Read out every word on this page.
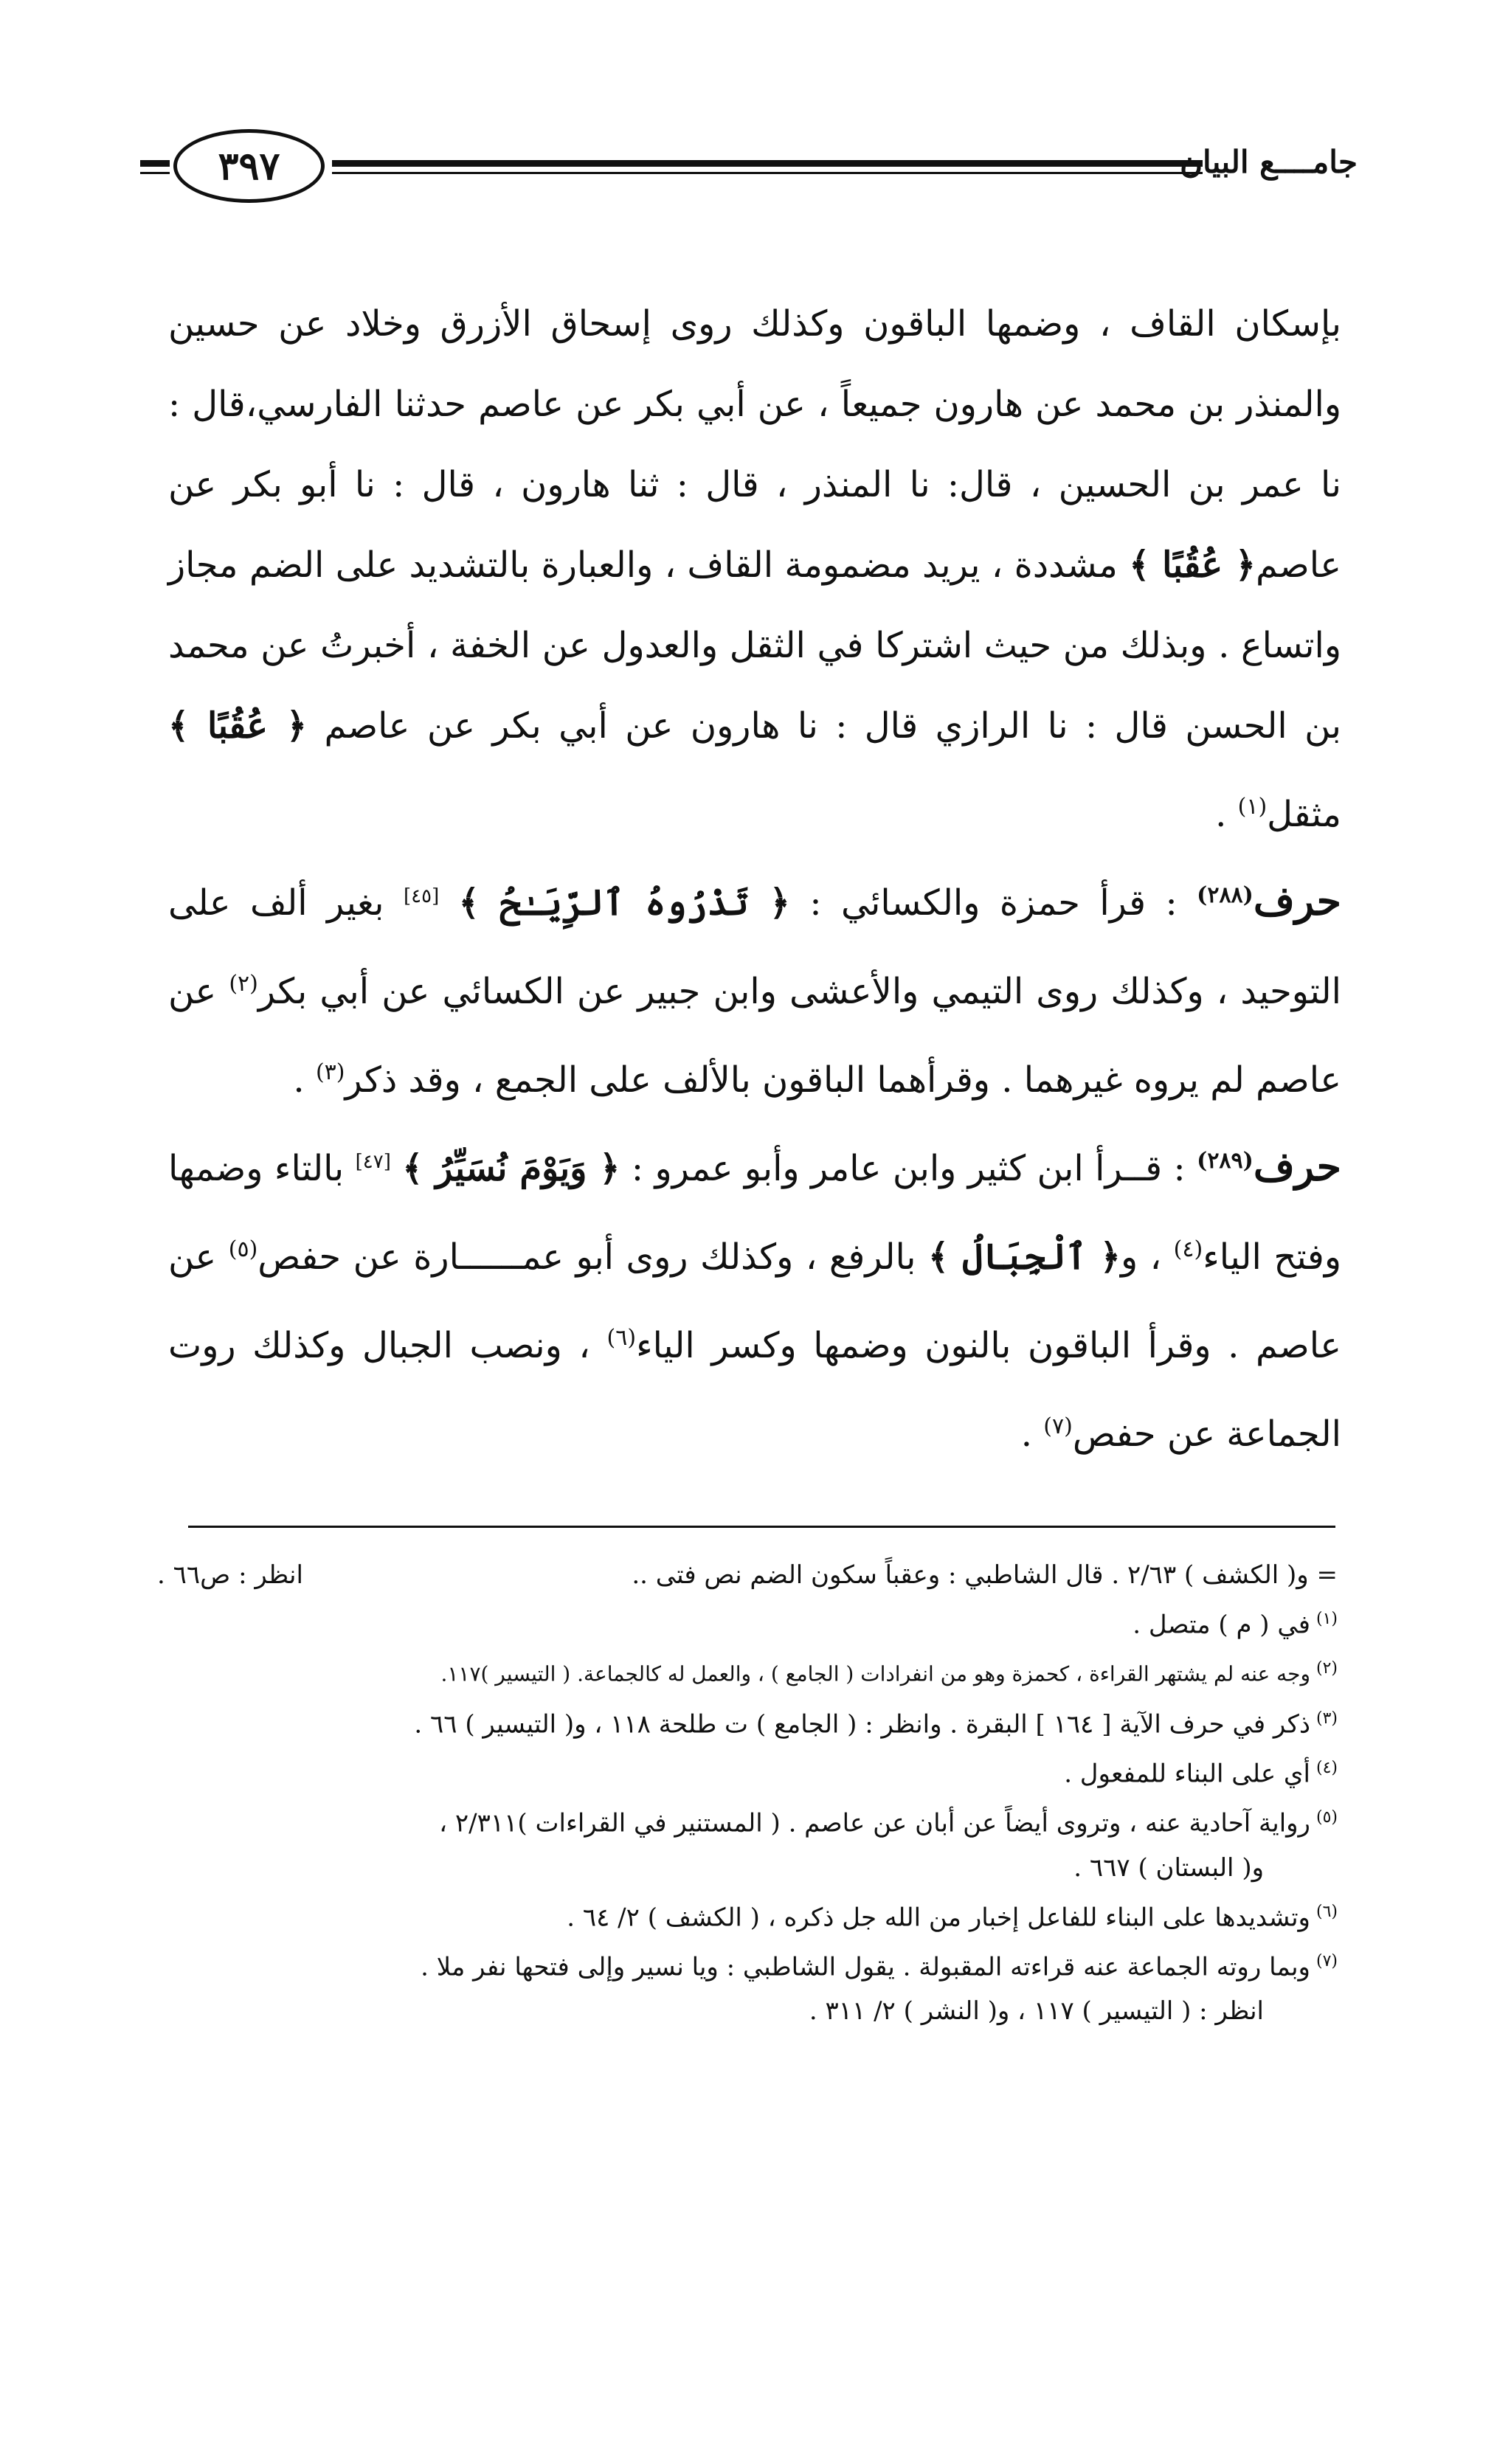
٣٩٧	جامــــع البيان

بإسكان القاف ، وضمها الباقون وكذلك روى إسحاق الأزرق وخلاد عن حسين والمنذر بن محمد عن هارون جميعاً ، عن أبي بكر عن عاصم حدثنا الفارسي،قال : نا عمر بن الحسين ، قال: نا المنذر ، قال : ثنا هارون ، قال : نا أبو بكر عن عاصم﴿ عُقُبًا ﴾ مشددة ، يريد مضمومة القاف ، والعبارة بالتشديد على الضم مجاز واتساع . وبذلك من حيث اشتركا في الثقل والعدول عن الخفة ، أخبرتُ عن محمد بن الحسن قال : نا الرازي قال : نا هارون عن أبي بكر عن عاصم ﴿ عُقُبًا ﴾ مثقل$^{(١)}$ .

حرف$^{(٢٨٨)}$ : قرأ حمزة والكسائي : ﴿ تَذْرُوهُ ٱلرِّيَـٰحُ ﴾ [٤٥] بغير ألف على التوحيد ، وكذلك روى التيمي والأعشى وابن جبير عن الكسائي عن أبي بكر$^{(٢)}$ عن عاصم لم يروه غيرهما . وقرأهما الباقون بالألف على الجمع ، وقد ذكر$^{(٣)}$ .

حرف$^{(٢٨٩)}$ : قــرأ ابن كثير وابن عامر وأبو عمرو : ﴿ وَيَوْمَ نُسَيِّرُ ﴾ [٤٧] بالتاء وضمها وفتح الياء$^{(٤)}$ ، و﴿ ٱلْجِبَالُ ﴾ بالرفع ، وكذلك روى أبو عمــــــارة عن حفص$^{(٥)}$ عن عاصم . وقرأ الباقون بالنون وضمها وكسر الياء$^{(٦)}$ ، ونصب الجبال وكذلك روت الجماعة عن حفص$^{(٧)}$ .

= و( الكشف ) ٢/٦٣ . قال الشاطبي : وعقباً سكون الضم نص فتى ..
انظر : ص٦٦ .

$^{(١)}$في ( م ) متصل .

$^{(٢)}$وجه عنه لم يشتهر القراءة ، كحمزة وهو من انفرادات ( الجامع ) ، والعمل له كالجماعة. ( التيسير )١١٧.

$^{(٣)}$ذكر في حرف الآية [ ١٦٤ ] البقرة . وانظر : ( الجامع ) ت طلحة ١١٨ ، و( التيسير ) ٦٦ .

$^{(٤)}$أي على البناء للمفعول .

$^{(٥)}$رواية آحادية عنه ، وتروى أيضاً عن أبان عن عاصم . ( المستنير في القراءات )٢/٣١١ ،

و( البستان ) ٦٦٧ .

$^{(٦)}$وتشديدها على البناء للفاعل إخبار من الله جل ذكره ، ( الكشف ) ٢/ ٦٤ .

$^{(٧)}$وبما روته الجماعة عنه قراءته المقبولة . يقول الشاطبي : ويا نسير وإلى فتحها نفر ملا .

انظر : ( التيسير ) ١١٧ ، و( النشر ) ٢/ ٣١١ .
